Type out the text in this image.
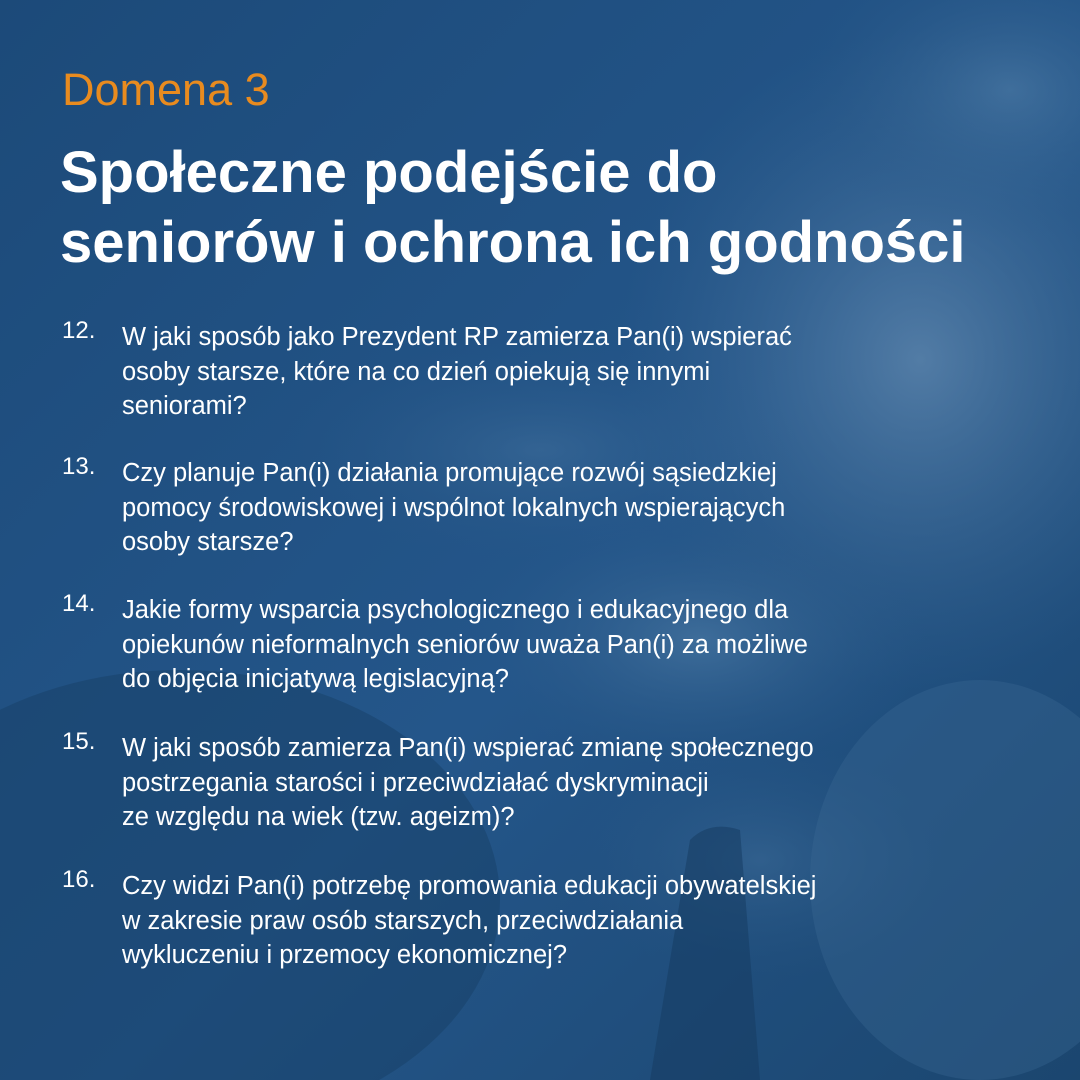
Domena 3
Społeczne podejście do
seniorów i ochrona ich godności
12.	W jaki sposób jako Prezydent RP zamierza Pan(i) wspierać
osoby starsze, które na co dzień opiekują się innymi
seniorami?
13.	Czy planuje Pan(i) działania promujące rozwój sąsiedzkiej
pomocy środowiskowej i wspólnot lokalnych wspierających
osoby starsze?
14.	Jakie formy wsparcia psychologicznego i edukacyjnego dla
opiekunów nieformalnych seniorów uważa Pan(i) za możliwe
do objęcia inicjatywą legislacyjną?
15.	W jaki sposób zamierza Pan(i) wspierać zmianę społecznego
postrzegania starości i przeciwdziałać dyskryminacji
ze względu na wiek (tzw. ageizm)?
16.	Czy widzi Pan(i) potrzebę promowania edukacji obywatelskiej
w zakresie praw osób starszych, przeciwdziałania
wykluczeniu i przemocy ekonomicznej?
